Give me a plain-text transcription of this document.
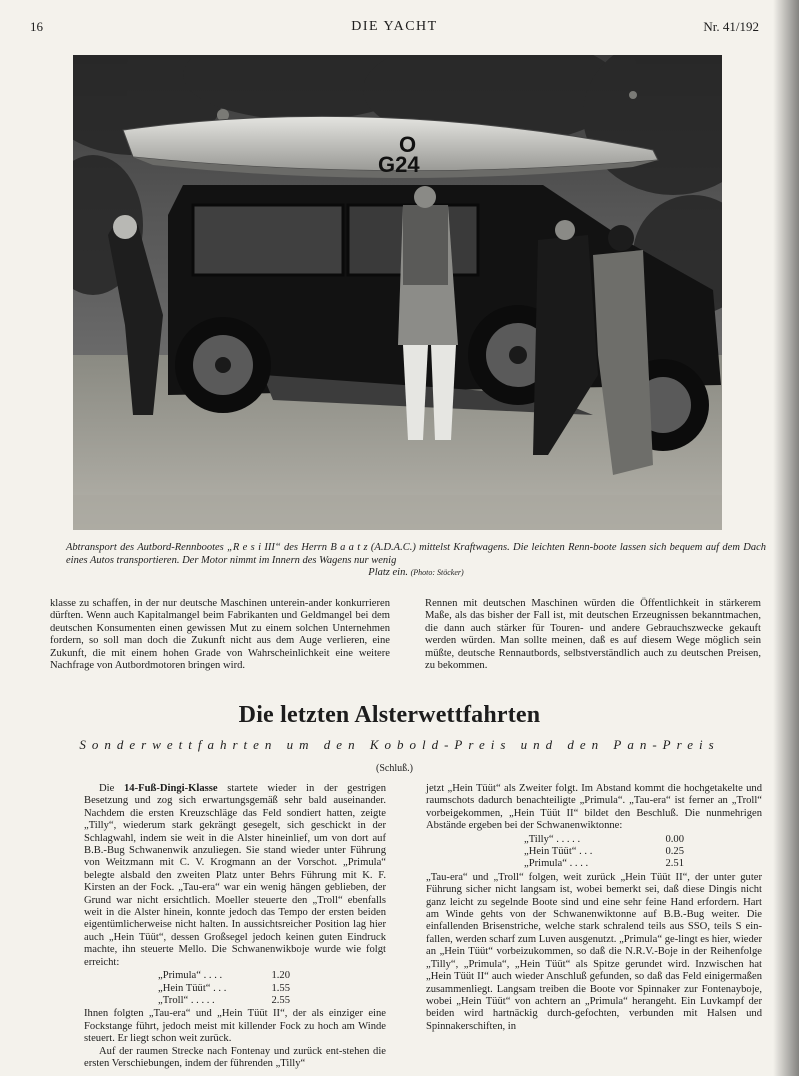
16	DIE YACHT	Nr. 41/192
O
G24
Abtransport des Autbord-Rennbootes „R e s i III“ des Herrn B a a t z (A.D.A.C.) mittelst Kraftwagens. Die leichten Renn-boote lassen sich bequem auf dem Dach eines Autos transportieren. Der Motor nimmt im Innern des Wagens nur wenig
Platz ein. (Photo: Stöcker)

klasse zu schaffen, in der nur deutsche Maschinen unterein-ander konkurrieren dürften. Wenn auch Kapitalmangel beim Fabrikanten und Geldmangel bei dem deutschen Konsumenten einen gewissen Mut zu einem solchen Unternehmen fordern, so soll man doch die Zukunft nicht aus dem Auge verlieren, eine Zukunft, die mit einem hohen Grade von Wahrscheinlichkeit eine weitere Nachfrage von Autbordmotoren bringen wird.

Rennen mit deutschen Maschinen würden die Öffentlichkeit in stärkerem Maße, als das bisher der Fall ist, mit deutschen Erzeugnissen bekanntmachen, die dann auch stärker für Touren- und andere Gebrauchszwecke gekauft werden würden. Man sollte meinen, daß es auf diesem Wege möglich sein müßte, deutsche Rennautbords, selbstverständlich auch zu deutschen Preisen, zu bekommen.

Die letzten Alsterwettfahrten
Sonderwettfahrten um den Kobold-Preis und den Pan-Preis
(Schluß.)

Die 14-Fuß-Dingi-Klasse startete wieder in der gestrigen Besetzung und zog sich erwartungsgemäß sehr bald auseinander. Nachdem die ersten Kreuzschläge das Feld sondiert hatten, zeigte „Tilly“, wiederum stark gekrängt gesegelt, sich geschickt in der Schlagwahl, indem sie weit in die Alster hineinlief, um von dort auf B.B.-Bug Schwanenwik anzuliegen. Sie stand wieder unter Führung von Weitzmann mit C. V. Krogmann an der Vorschot. „Primula“ belegte alsbald den zweiten Platz unter Behrs Führung mit K. F. Kirsten an der Fock. „Tau-era“ war ein wenig hängen geblieben, der Grund war nicht ersichtlich. Moeller steuerte den „Troll“ ebenfalls weit in die Alster hinein, konnte jedoch das Tempo der ersten beiden eigentümlicherweise nicht halten. In aussichtsreicher Position lag hier auch „Hein Tüüt“, dessen Großsegel jedoch keinen guten Eindruck machte, ihn steuerte Mello. Die Schwanenwikboje wurde wie folgt erreicht:

„Primula“ . . . .	1.20
„Hein Tüüt“ . . .	1.55
„Troll“ . . . . .	2.55

Ihnen folgten „Tau-era“ und „Hein Tüüt II“, der als einziger eine Fockstange führt, jedoch meist mit killender Fock zu hoch am Winde steuert. Er liegt schon weit zurück.

Auf der raumen Strecke nach Fontenay und zurück ent-stehen die ersten Verschiebungen, indem der führenden „Tilly“

jetzt „Hein Tüüt“ als Zweiter folgt. Im Abstand kommt die hochgetakelte und raumschots dadurch benachteiligte „Primula“. „Tau-era“ ist ferner an „Troll“ vorbeigekommen, „Hein Tüüt II“ bildet den Beschluß. Die nunmehrigen Abstände ergeben bei der Schwanenwiktonne:

„Tilly“ . . . . .	0.00
„Hein Tüüt“ . . .	0.25
„Primula“ . . . .	2.51

„Tau-era“ und „Troll“ folgen, weit zurück „Hein Tüüt II“, der unter guter Führung sicher nicht langsam ist, wobei bemerkt sei, daß diese Dingis nicht ganz leicht zu segelnde Boote sind und eine sehr feine Hand erfordern. Hart am Winde gehts von der Schwanenwiktonne auf B.B.-Bug weiter. Die einfallenden Brisenstriche, welche stark schralend teils aus SSO, teils S ein-fallen, werden scharf zum Luven ausgenutzt. „Primula“ ge-lingt es hier, wieder an „Hein Tüüt“ vorbeizukommen, so daß die N.R.V.-Boje in der Reihenfolge „Tilly“, „Primula“, „Hein Tüüt“ als Spitze gerundet wird. Inzwischen hat „Hein Tüüt II“ auch wieder Anschluß gefunden, so daß das Feld einigermaßen zusammenliegt. Langsam treiben die Boote vor Spinnaker zur Fontenayboje, wobei „Hein Tüüt“ von achtern an „Primula“ herangeht. Ein Luvkampf der beiden wird hartnäckig durch-gefochten, verbunden mit Halsen und Spinnakerschiften, in
